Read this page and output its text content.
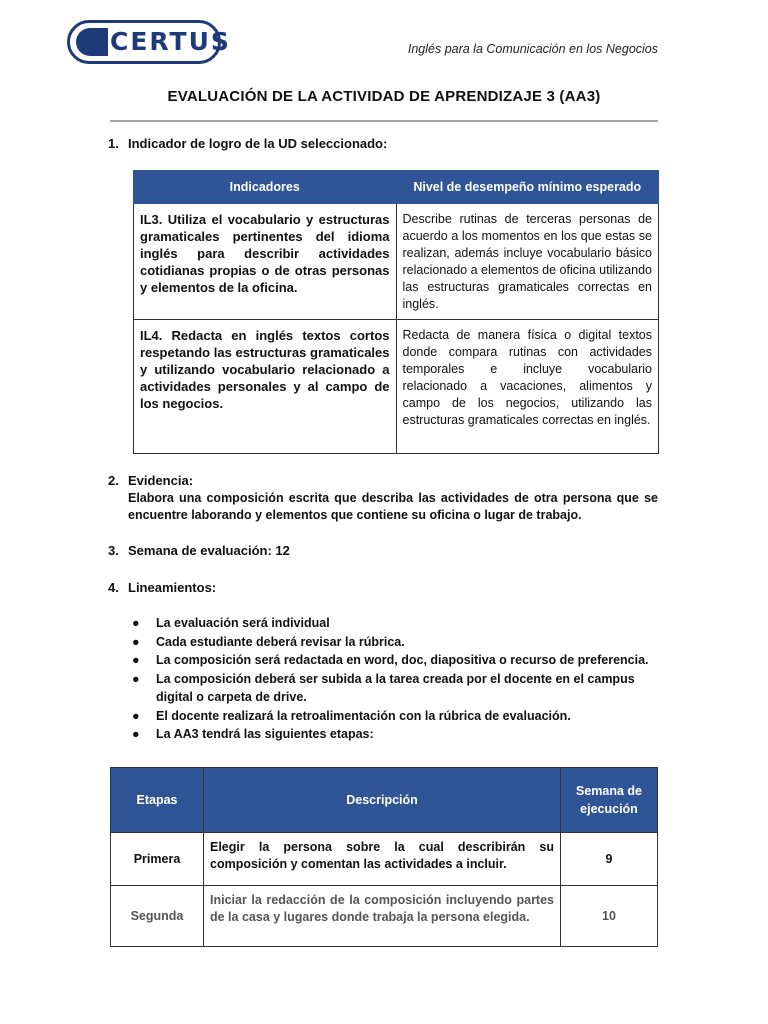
CERTUS	Inglés para la Comunicación en los Negocios
EVALUACIÓN DE LA ACTIVIDAD DE APRENDIZAJE 3 (AA3)
1. Indicador de logro de la UD seleccionado:
Indicadores	Nivel de desempeño mínimo esperado
IL3. Utiliza el vocabulario y estructuras gramaticales pertinentes del idioma inglés para describir actividades cotidianas propias o de otras personas y elementos de la oficina.	Describe rutinas de terceras personas de acuerdo a los momentos en los que estas se realizan, además incluye vocabulario básico relacionado a elementos de oficina utilizando las estructuras gramaticales correctas en inglés.
IL4. Redacta en inglés textos cortos respetando las estructuras gramaticales y utilizando vocabulario relacionado a actividades personales y al campo de los negocios.	Redacta de manera física o digital textos donde compara rutinas con actividades temporales e incluye vocabulario relacionado a vacaciones, alimentos y campo de los negocios, utilizando las estructuras gramaticales correctas en inglés.
2. Evidencia:
Elabora una composición escrita que describa las actividades de otra persona que se encuentre laborando y elementos que contiene su oficina o lugar de trabajo.
3. Semana de evaluación: 12
4. Lineamientos:
● La evaluación será individual
● Cada estudiante deberá revisar la rúbrica.
● La composición será redactada en word, doc, diapositiva o recurso de preferencia.
● La composición deberá ser subida a la tarea creada por el docente en el campus digital o carpeta de drive.
● El docente realizará la retroalimentación con la rúbrica de evaluación.
● La AA3 tendrá las siguientes etapas:
Etapas	Descripción	Semana de ejecución
Primera	Elegir la persona sobre la cual describirán su composición y comentan las actividades a incluir.	9
Segunda	Iniciar la redacción de la composición incluyendo partes de la casa y lugares donde trabaja la persona elegida.	10
